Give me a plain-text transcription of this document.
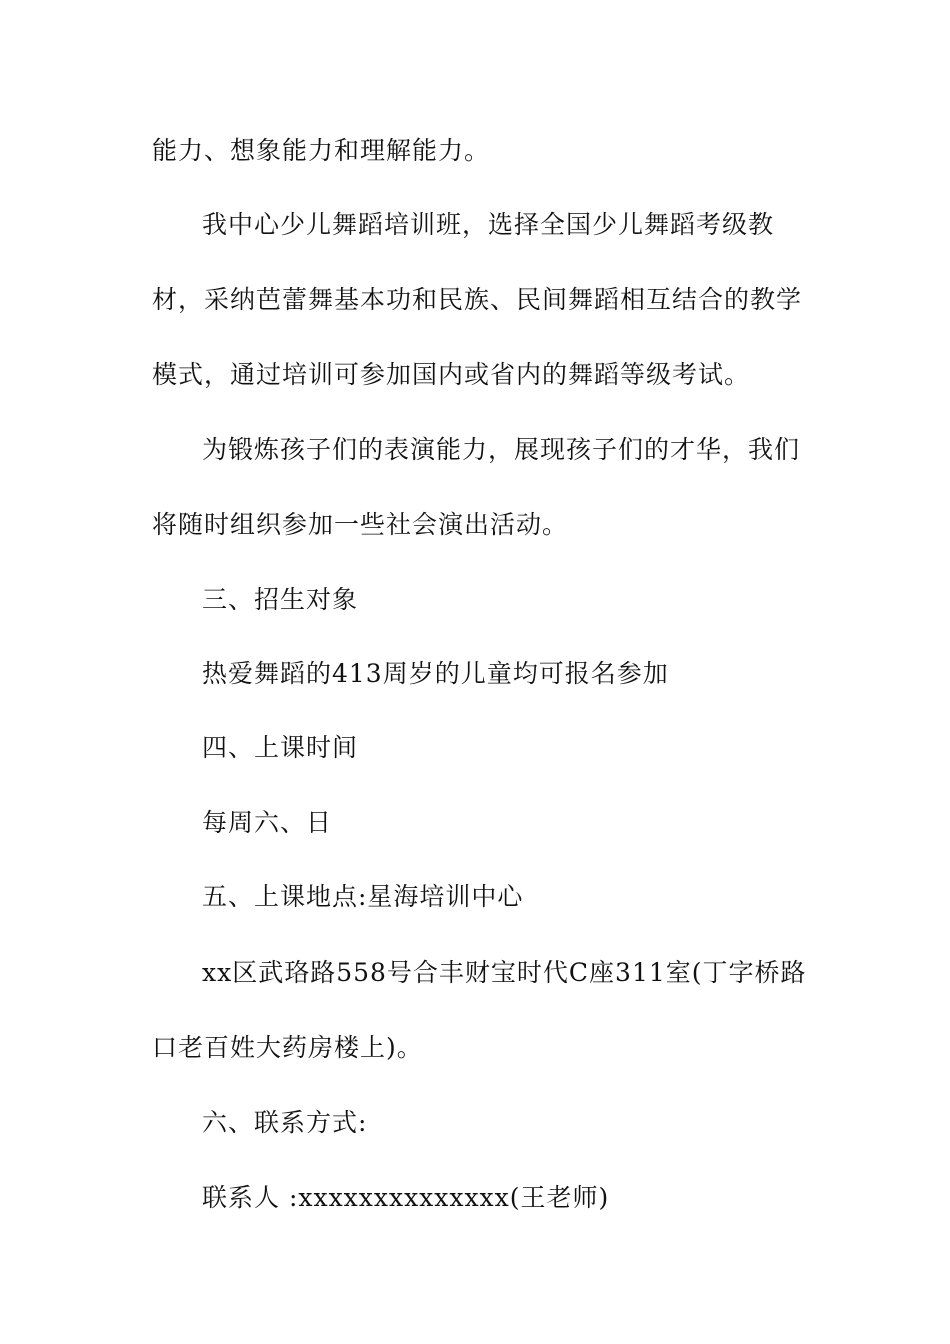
能力、想象能力和理解能力。
我中心少儿舞蹈培训班，选择全国少儿舞蹈考级教
材，采纳芭蕾舞基本功和民族、民间舞蹈相互结合的教学
模式，通过培训可参加国内或省内的舞蹈等级考试。
为锻炼孩子们的表演能力，展现孩子们的才华，我们
将随时组织参加一些社会演出活动。
三、招生对象
热爱舞蹈的413周岁的儿童均可报名参加
四、上课时间
每周六、日
五、上课地点:星海培训中心
xx区武珞路558号合丰财宝时代C座311室(丁字桥路
口老百姓大药房楼上)。
六、联系方式:
联系人 :xxxxxxxxxxxxxx(王老师)
